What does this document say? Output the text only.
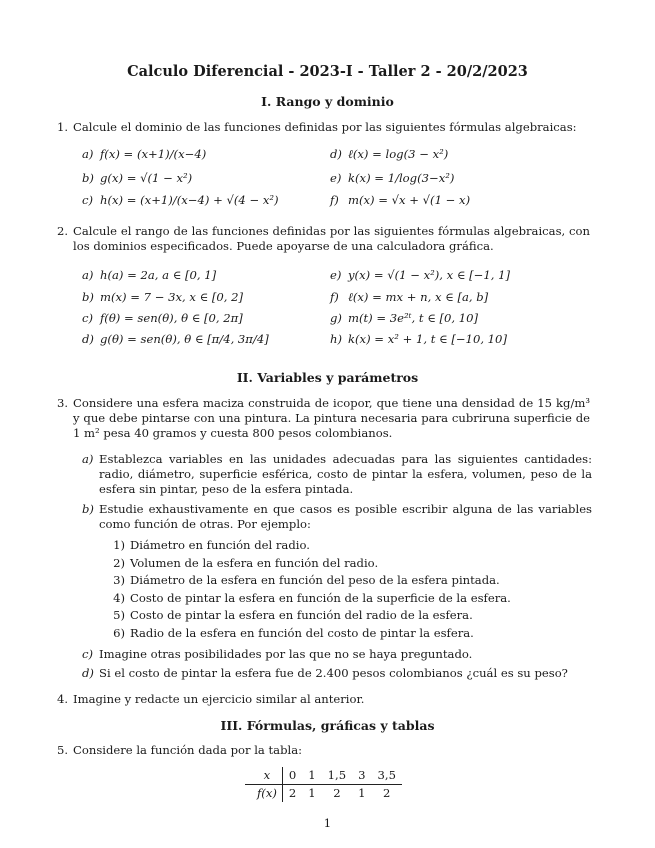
Calculo Diferencial - 2023-I - Taller 2 - 20/2/2023
I. Rango y dominio
1. Calcule el dominio de las funciones definidas por las siguientes fórmulas algebraicas:
a) f(x) = (x+1)/(x−4)
b) g(x) = √(1 − x²)
c) h(x) = (x+1)/(x−4) + √(4 − x²)
d) ℓ(x) = log(3 − x²)
e) k(x) = 1/log(3−x²)
f) m(x) = √x + √(1 − x)
2. Calcule el rango de las funciones definidas por las siguientes fórmulas algebraicas, con los dominios especificados. Puede apoyarse de una calculadora gráfica.
a) h(a) = 2a, a ∈ [0, 1]
b) m(x) = 7 − 3x, x ∈ [0, 2]
c) f(θ) = sen(θ), θ ∈ [0, 2π]
d) g(θ) = sen(θ), θ ∈ [π/4, 3π/4]
e) y(x) = √(1 − x²), x ∈ [−1, 1]
f) ℓ(x) = mx + n, x ∈ [a, b]
g) m(t) = 3e²ᵗ, t ∈ [0, 10]
h) k(x) = x² + 1, t ∈ [−10, 10]
II. Variables y parámetros
3. Considere una esfera maciza construida de icopor, que tiene una densidad de 15 kg/m³ y que debe pintarse con una pintura. La pintura necesaria para cubriruna superficie de 1 m² pesa 40 gramos y cuesta 800 pesos colombianos.
a) Establezca variables en las unidades adecuadas para las siguientes cantidades: radio, diámetro, superficie esférica, costo de pintar la esfera, volumen, peso de la esfera sin pintar, peso de la esfera pintada.
b) Estudie exhaustivamente en que casos es posible escribir alguna de las variables como función de otras. Por ejemplo:
1) Diámetro en función del radio.
2) Volumen de la esfera en función del radio.
3) Diámetro de la esfera en función del peso de la esfera pintada.
4) Costo de pintar la esfera en función de la superficie de la esfera.
5) Costo de pintar la esfera en función del radio de la esfera.
6) Radio de la esfera en función del costo de pintar la esfera.
c) Imagine otras posibilidades por las que no se haya preguntado.
d) Si el costo de pintar la esfera fue de 2.400 pesos colombianos ¿cuál es su peso?
4. Imagine y redacte un ejercicio similar al anterior.
III. Fórmulas, gráficas y tablas
5. Considere la función dada por la tabla:
x	0	1	1,5	3	3,5
f(x)	2	1	2	1	2
1
